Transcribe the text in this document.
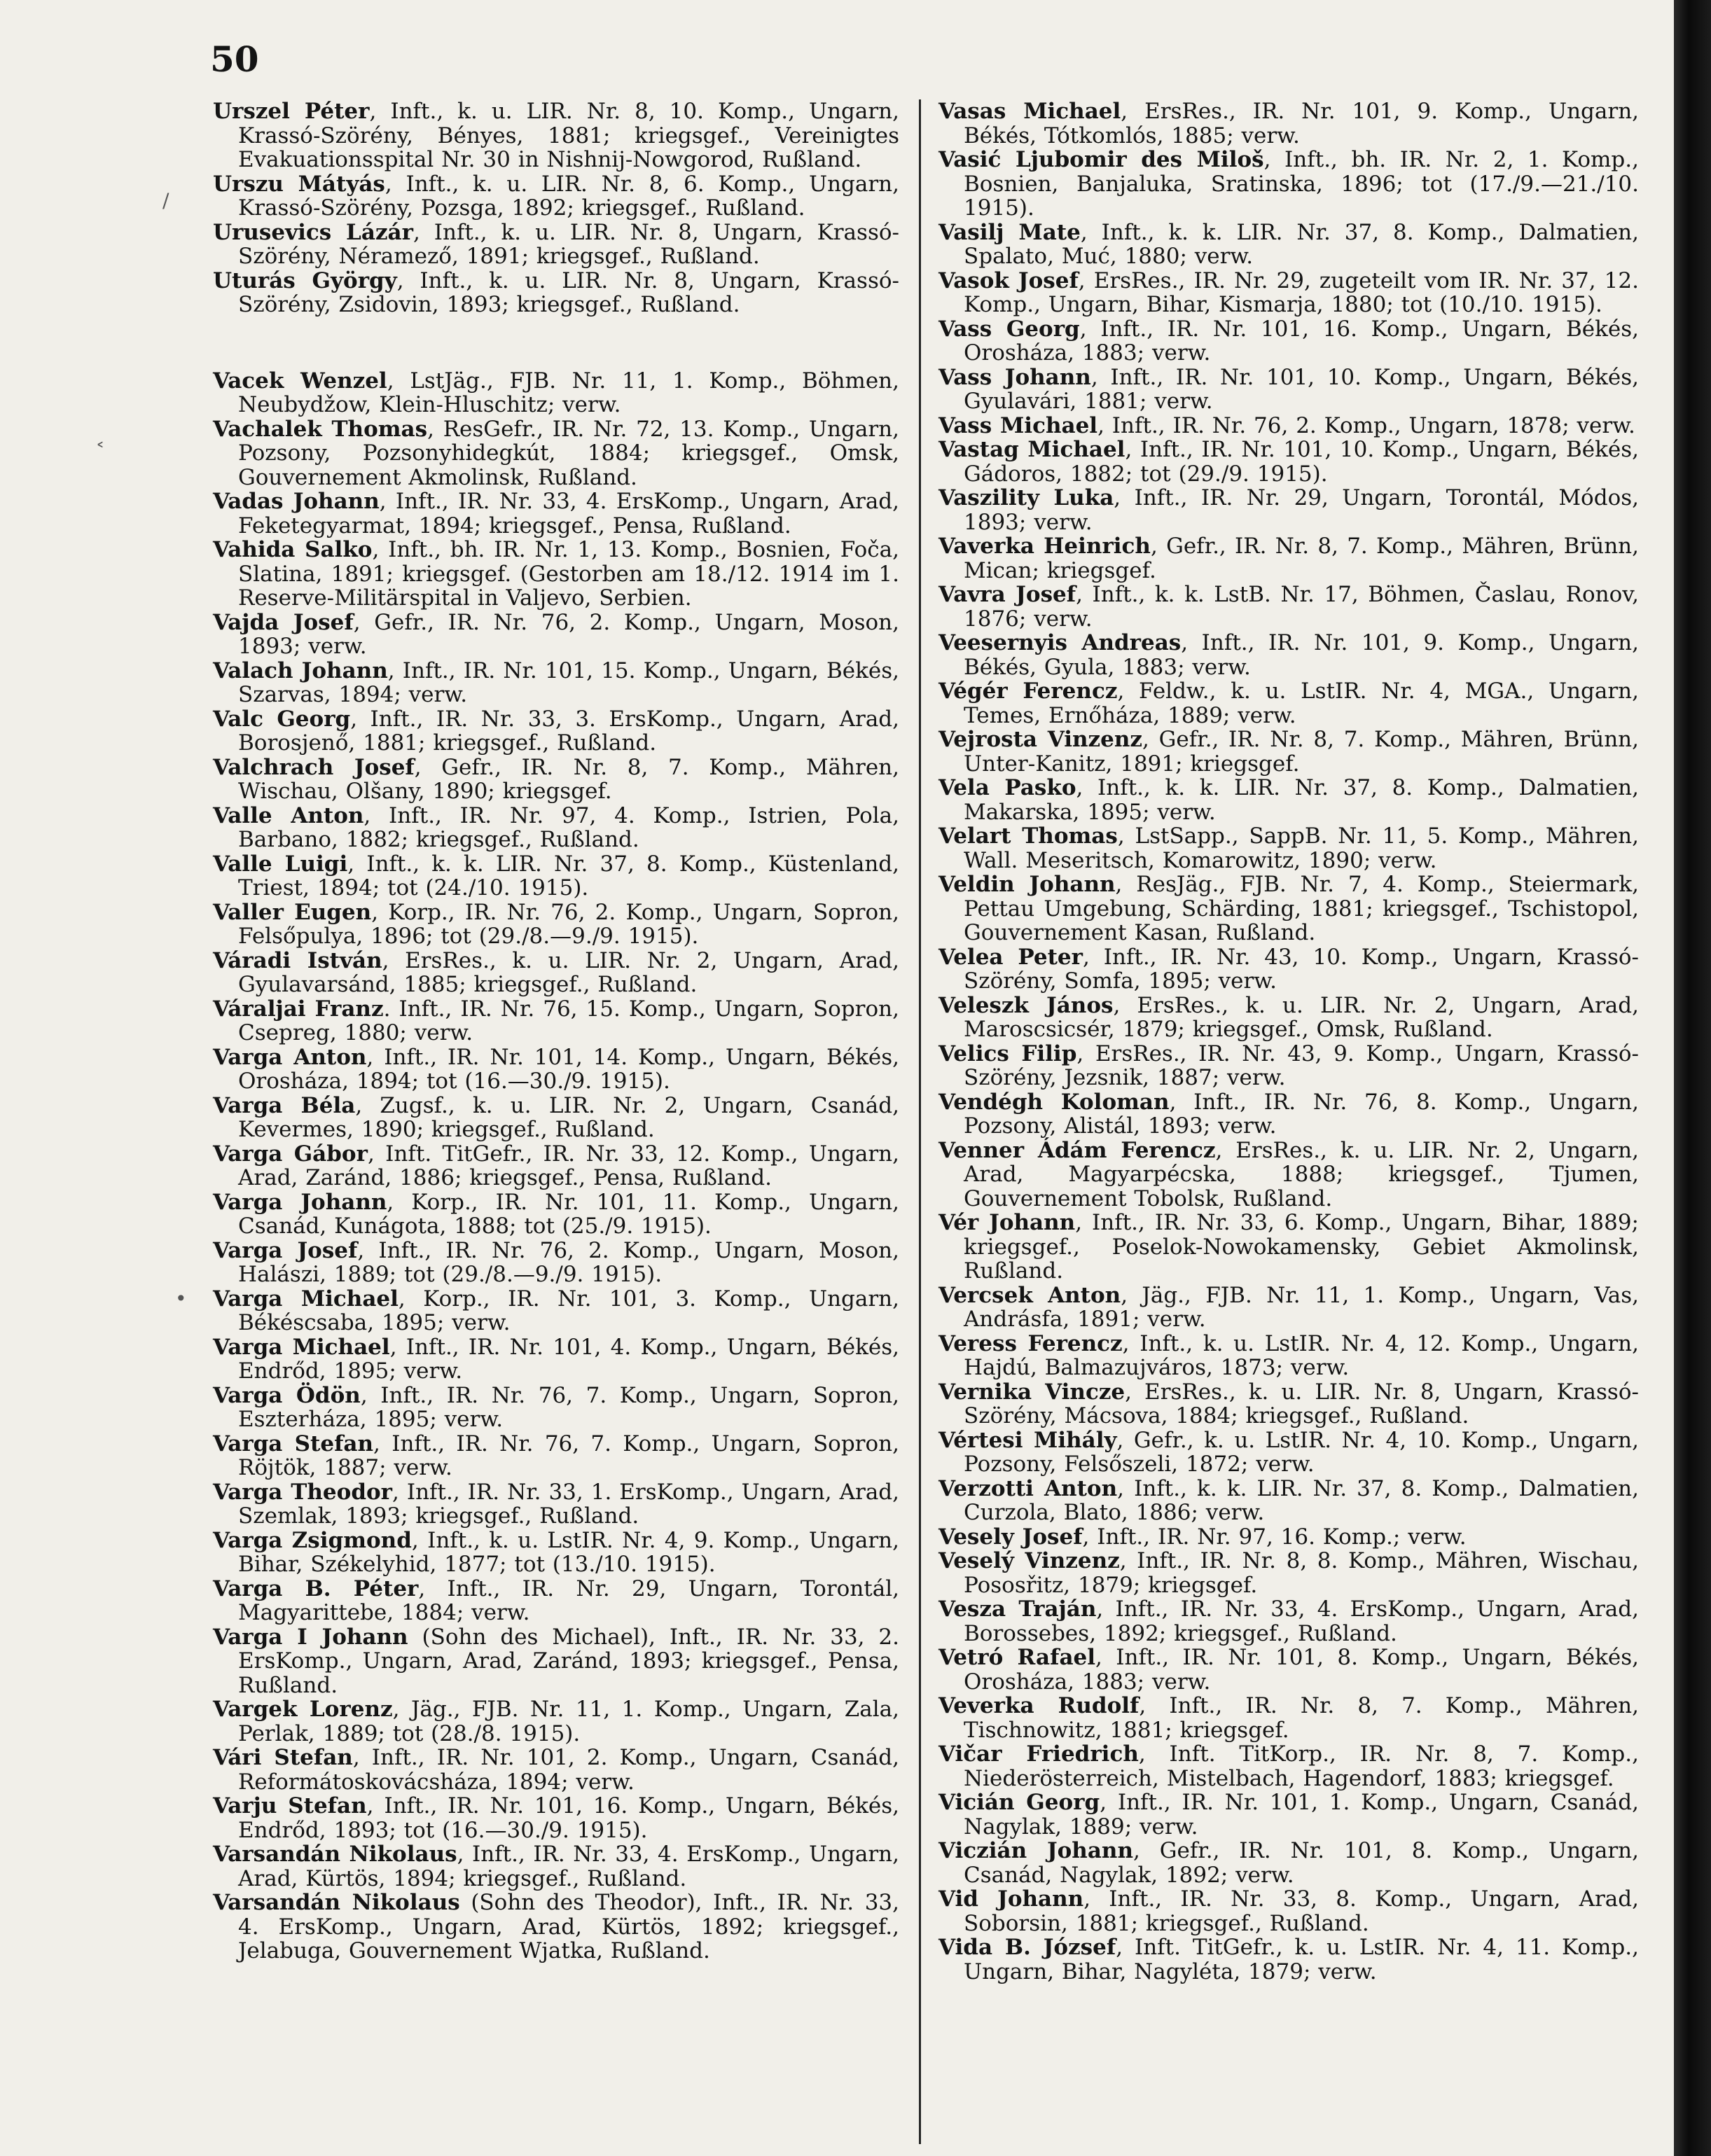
50
Urszel Péter, Inft., k. u. LIR. Nr. 8, 10. Komp., Ungarn, Krassó-Szörény, Bényes, 1881; kriegsgef., Vereinigtes Evakuationsspital Nr. 30 in Nishnij-Nowgorod, Rußland.
Urszu Mátyás, Inft., k. u. LIR. Nr. 8, 6. Komp., Ungarn, Krassó-Szörény, Pozsga, 1892; kriegsgef., Rußland.
Urusevics Lázár, Inft., k. u. LIR. Nr. 8, Ungarn, Krassó-Szörény, Néramező, 1891; kriegsgef., Rußland.
Uturás György, Inft., k. u. LIR. Nr. 8, Ungarn, Krassó-Szörény, Zsidovin, 1893; kriegsgef., Rußland.
Vacek Wenzel, LstJäg., FJB. Nr. 11, 1. Komp., Böhmen, Neubydžow, Klein-Hluschitz; verw.
Vachalek Thomas, ResGefr., IR. Nr. 72, 13. Komp., Ungarn, Pozsony, Pozsonyhidegkút, 1884; kriegsgef., Omsk, Gouvernement Akmolinsk, Rußland.
Vadas Johann, Inft., IR. Nr. 33, 4. ErsKomp., Ungarn, Arad, Feketegyarmat, 1894; kriegsgef., Pensa, Rußland.
Vahida Salko, Inft., bh. IR. Nr. 1, 13. Komp., Bosnien, Foča, Slatina, 1891; kriegsgef. (Gestorben am 18./12. 1914 im 1. Reserve-Militärspital in Valjevo, Serbien.
Vajda Josef, Gefr., IR. Nr. 76, 2. Komp., Ungarn, Moson, 1893; verw.
Valach Johann, Inft., IR. Nr. 101, 15. Komp., Ungarn, Békés, Szarvas, 1894; verw.
Valc Georg, Inft., IR. Nr. 33, 3. ErsKomp., Ungarn, Arad, Borosjenő, 1881; kriegsgef., Rußland.
Valchrach Josef, Gefr., IR. Nr. 8, 7. Komp., Mähren, Wischau, Olšany, 1890; kriegsgef.
Valle Anton, Inft., IR. Nr. 97, 4. Komp., Istrien, Pola, Barbano, 1882; kriegsgef., Rußland.
Valle Luigi, Inft., k. k. LIR. Nr. 37, 8. Komp., Küstenland, Triest, 1894; tot (24./10. 1915).
Valler Eugen, Korp., IR. Nr. 76, 2. Komp., Ungarn, Sopron, Felsőpulya, 1896; tot (29./8.—9./9. 1915).
Váradi István, ErsRes., k. u. LIR. Nr. 2, Ungarn, Arad, Gyulavarsánd, 1885; kriegsgef., Rußland.
Váraljai Franz. Inft., IR. Nr. 76, 15. Komp., Ungarn, Sopron, Csepreg, 1880; verw.
Varga Anton, Inft., IR. Nr. 101, 14. Komp., Ungarn, Békés, Orosháza, 1894; tot (16.—30./9. 1915).
Varga Béla, Zugsf., k. u. LIR. Nr. 2, Ungarn, Csanád, Kevermes, 1890; kriegsgef., Rußland.
Varga Gábor, Inft. TitGefr., IR. Nr. 33, 12. Komp., Ungarn, Arad, Zaránd, 1886; kriegsgef., Pensa, Rußland.
Varga Johann, Korp., IR. Nr. 101, 11. Komp., Ungarn, Csanád, Kunágota, 1888; tot (25./9. 1915).
Varga Josef, Inft., IR. Nr. 76, 2. Komp., Ungarn, Moson, Halászi, 1889; tot (29./8.—9./9. 1915).
Varga Michael, Korp., IR. Nr. 101, 3. Komp., Ungarn, Békéscsaba, 1895; verw.
Varga Michael, Inft., IR. Nr. 101, 4. Komp., Ungarn, Békés, Endrőd, 1895; verw.
Varga Ödön, Inft., IR. Nr. 76, 7. Komp., Ungarn, Sopron, Eszterháza, 1895; verw.
Varga Stefan, Inft., IR. Nr. 76, 7. Komp., Ungarn, Sopron, Röjtök, 1887; verw.
Varga Theodor, Inft., IR. Nr. 33, 1. ErsKomp., Ungarn, Arad, Szemlak, 1893; kriegsgef., Rußland.
Varga Zsigmond, Inft., k. u. LstIR. Nr. 4, 9. Komp., Ungarn, Bihar, Székelyhid, 1877; tot (13./10. 1915).
Varga B. Péter, Inft., IR. Nr. 29, Ungarn, Torontál, Magyarittebe, 1884; verw.
Varga I Johann (Sohn des Michael), Inft., IR. Nr. 33, 2. ErsKomp., Ungarn, Arad, Zaránd, 1893; kriegsgef., Pensa, Rußland.
Vargek Lorenz, Jäg., FJB. Nr. 11, 1. Komp., Ungarn, Zala, Perlak, 1889; tot (28./8. 1915).
Vári Stefan, Inft., IR. Nr. 101, 2. Komp., Ungarn, Csanád, Reformátoskovácsháza, 1894; verw.
Varju Stefan, Inft., IR. Nr. 101, 16. Komp., Ungarn, Békés, Endrőd, 1893; tot (16.—30./9. 1915).
Varsandán Nikolaus, Inft., IR. Nr. 33, 4. ErsKomp., Ungarn, Arad, Kürtös, 1894; kriegsgef., Rußland.
Varsandán Nikolaus (Sohn des Theodor), Inft., IR. Nr. 33, 4. ErsKomp., Ungarn, Arad, Kürtös, 1892; kriegsgef., Jelabuga, Gouvernement Wjatka, Rußland.
Vasas Michael, ErsRes., IR. Nr. 101, 9. Komp., Ungarn, Békés, Tótkomlós, 1885; verw.
Vasić Ljubomir des Miloš, Inft., bh. IR. Nr. 2, 1. Komp., Bosnien, Banjaluka, Sratinska, 1896; tot (17./9.—21./10. 1915).
Vasilj Mate, Inft., k. k. LIR. Nr. 37, 8. Komp., Dalmatien, Spalato, Muć, 1880; verw.
Vasok Josef, ErsRes., IR. Nr. 29, zugeteilt vom IR. Nr. 37, 12. Komp., Ungarn, Bihar, Kismarja, 1880; tot (10./10. 1915).
Vass Georg, Inft., IR. Nr. 101, 16. Komp., Ungarn, Békés, Orosháza, 1883; verw.
Vass Johann, Inft., IR. Nr. 101, 10. Komp., Ungarn, Békés, Gyulavári, 1881; verw.
Vass Michael, Inft., IR. Nr. 76, 2. Komp., Ungarn, 1878; verw.
Vastag Michael, Inft., IR. Nr. 101, 10. Komp., Ungarn, Békés, Gádoros, 1882; tot (29./9. 1915).
Vaszility Luka, Inft., IR. Nr. 29, Ungarn, Torontál, Módos, 1893; verw.
Vaverka Heinrich, Gefr., IR. Nr. 8, 7. Komp., Mähren, Brünn, Mican; kriegsgef.
Vavra Josef, Inft., k. k. LstB. Nr. 17, Böhmen, Časlau, Ronov, 1876; verw.
Veesernyis Andreas, Inft., IR. Nr. 101, 9. Komp., Ungarn, Békés, Gyula, 1883; verw.
Végér Ferencz, Feldw., k. u. LstIR. Nr. 4, MGA., Ungarn, Temes, Ernőháza, 1889; verw.
Vejrosta Vinzenz, Gefr., IR. Nr. 8, 7. Komp., Mähren, Brünn, Unter-Kanitz, 1891; kriegsgef.
Vela Pasko, Inft., k. k. LIR. Nr. 37, 8. Komp., Dalmatien, Makarska, 1895; verw.
Velart Thomas, LstSapp., SappB. Nr. 11, 5. Komp., Mähren, Wall. Meseritsch, Komarowitz, 1890; verw.
Veldin Johann, ResJäg., FJB. Nr. 7, 4. Komp., Steiermark, Pettau Umgebung, Schärding, 1881; kriegsgef., Tschistopol, Gouvernement Kasan, Rußland.
Velea Peter, Inft., IR. Nr. 43, 10. Komp., Ungarn, Krassó-Szörény, Somfa, 1895; verw.
Veleszk János, ErsRes., k. u. LIR. Nr. 2, Ungarn, Arad, Maroscsicsér, 1879; kriegsgef., Omsk, Rußland.
Velics Filip, ErsRes., IR. Nr. 43, 9. Komp., Ungarn, Krassó-Szörény, Jezsnik, 1887; verw.
Vendégh Koloman, Inft., IR. Nr. 76, 8. Komp., Ungarn, Pozsony, Alistál, 1893; verw.
Venner Ádám Ferencz, ErsRes., k. u. LIR. Nr. 2, Ungarn, Arad, Magyarpécska, 1888; kriegsgef., Tjumen, Gouvernement Tobolsk, Rußland.
Vér Johann, Inft., IR. Nr. 33, 6. Komp., Ungarn, Bihar, 1889; kriegsgef., Poselok-Nowokamensky, Gebiet Akmolinsk, Rußland.
Vercsek Anton, Jäg., FJB. Nr. 11, 1. Komp., Ungarn, Vas, Andrásfa, 1891; verw.
Veress Ferencz, Inft., k. u. LstIR. Nr. 4, 12. Komp., Ungarn, Hajdú, Balmazujváros, 1873; verw.
Vernika Vincze, ErsRes., k. u. LIR. Nr. 8, Ungarn, Krassó-Szörény, Mácsova, 1884; kriegsgef., Rußland.
Vértesi Mihály, Gefr., k. u. LstIR. Nr. 4, 10. Komp., Ungarn, Pozsony, Felsőszeli, 1872; verw.
Verzotti Anton, Inft., k. k. LIR. Nr. 37, 8. Komp., Dalmatien, Curzola, Blato, 1886; verw.
Vesely Josef, Inft., IR. Nr. 97, 16. Komp.; verw.
Veselý Vinzenz, Inft., IR. Nr. 8, 8. Komp., Mähren, Wischau, Pososřitz, 1879; kriegsgef.
Vesza Traján, Inft., IR. Nr. 33, 4. ErsKomp., Ungarn, Arad, Borossebes, 1892; kriegsgef., Rußland.
Vetró Rafael, Inft., IR. Nr. 101, 8. Komp., Ungarn, Békés, Orosháza, 1883; verw.
Veverka Rudolf, Inft., IR. Nr. 8, 7. Komp., Mähren, Tischnowitz, 1881; kriegsgef.
Vičar Friedrich, Inft. TitKorp., IR. Nr. 8, 7. Komp., Niederösterreich, Mistelbach, Hagendorf, 1883; kriegsgef.
Vicián Georg, Inft., IR. Nr. 101, 1. Komp., Ungarn, Csanád, Nagylak, 1889; verw.
Viczián Johann, Gefr., IR. Nr. 101, 8. Komp., Ungarn, Csanád, Nagylak, 1892; verw.
Vid Johann, Inft., IR. Nr. 33, 8. Komp., Ungarn, Arad, Soborsin, 1881; kriegsgef., Rußland.
Vida B. József, Inft. TitGefr., k. u. LstIR. Nr. 4, 11. Komp., Ungarn, Bihar, Nagyléta, 1879; verw.
/
˂
•
